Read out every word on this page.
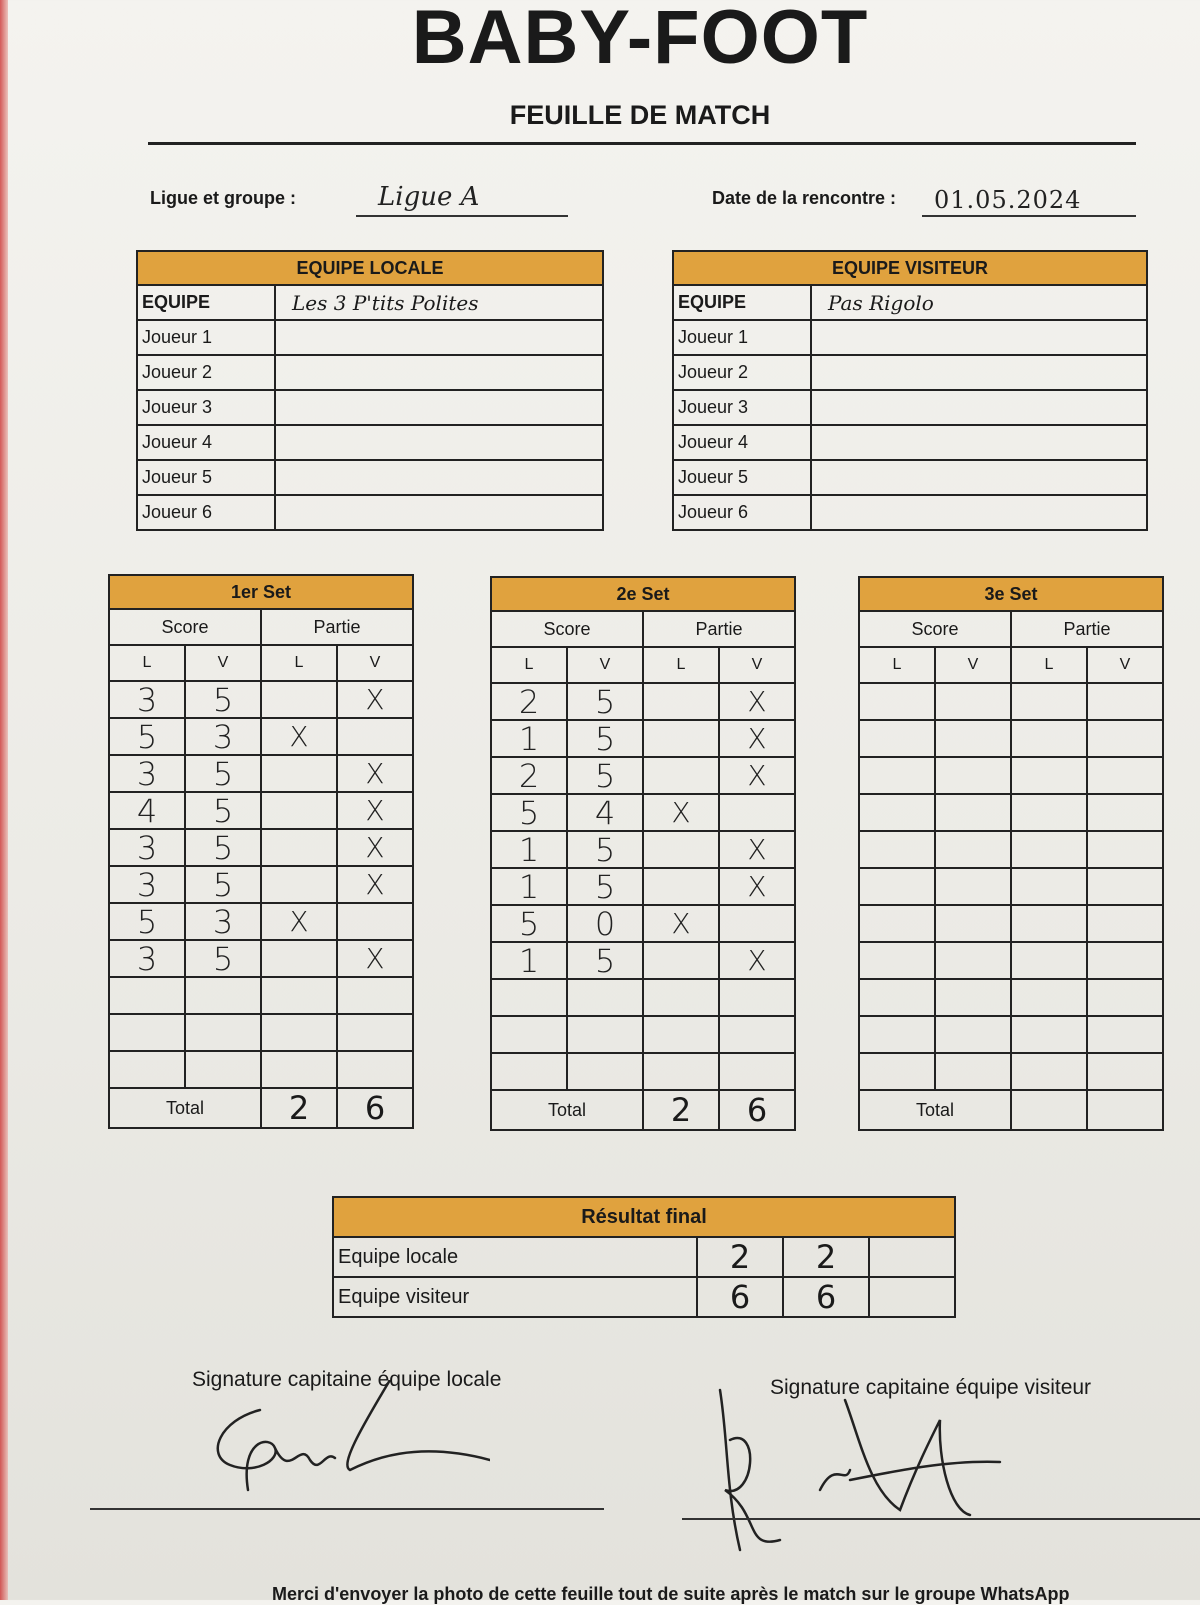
BABY-FOOT
FEUILLE DE MATCH
Ligue et groupe :	Ligue A	Date de la rencontre : 01.05.2024
EQUIPE LOCALE	
EQUIPE	Les 3 P'tits Polites
Joueur 1	
Joueur 2	
Joueur 3	
Joueur 4	
Joueur 5	
Joueur 6	
EQUIPE VISITEUR	
EQUIPE	Pas Rigolo
Joueur 1	
Joueur 2	
Joueur 3	
Joueur 4	
Joueur 5	
Joueur 6	
1er Set			
Score		Partie	
L	V	L	V
3	5		X
5	3	X	
3	5		X
4	5		X
3	5		X
3	5		X
5	3	X	
3	5		X

Total		2	6
2e Set			
Score		Partie	
L	V	L	V
2	5		X
1	5		X
2	5		X
5	4	X	
1	5		X
1	5		X
5	0	X	
1	5		X

Total		2	6
3e Set			
Score		Partie	
L	V	L	V

Total			
Résultat final			
Equipe locale	2	2	
Equipe visiteur	6	6	
Signature capitaine équipe locale	Signature capitaine équipe visiteur
Merci d'envoyer la photo de cette feuille tout de suite après le match sur le groupe WhatsApp
